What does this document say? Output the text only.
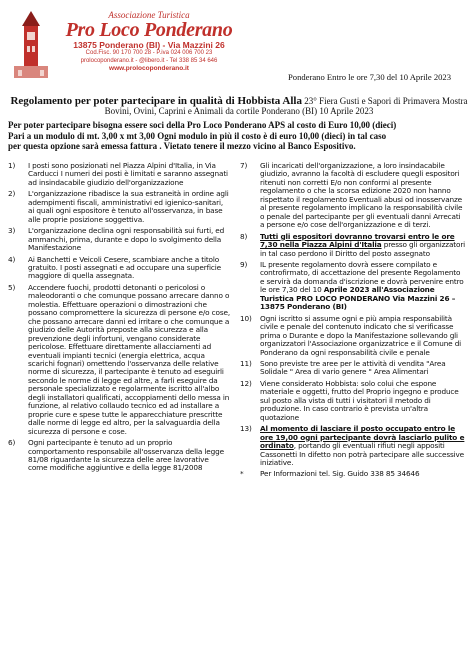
Associazione Turistica
Pro Loco Ponderano
13875 Ponderano (BI) - Via Mazzini 26
Cod.Fisc. 90 170 700 28 - P.iva 024 006 700 23
prolocoponderano.it - @libero.it - Tel 338 85 34 646
www.prolocoponderano.it
Ponderano Entro le ore 7,30 del 10 Aprile 2023
Regolamento per poter partecipare in qualità di Hobbista Alla 23° Fiera Gusti e Sapori di Primavera Mostra Bovini, Ovini, Caprini e Animali da cortile Ponderano (BI) 10 Aprile 2023
Per poter partecipare bisogna essere soci della Pro Loco Ponderano APS al costo di Euro 10,00 (dieci)
Pari a un modulo di mt. 3,00 x mt 3,00 Ogni modulo in più il costo è di euro 10,00 (dieci) in tal caso
per questa opzione sarà emessa fattura . Vietato tenere il mezzo vicino al Banco Espositivo.
1)	I posti sono posizionati nel Piazza Alpini d'Italia, in Via Carducci I numeri dei posti è limitati e saranno assegnati ad insindacabile giudizio dell'organizzazione
2)	L'organizzazione ribadisce la sua estraneità in ordine agli adempimenti fiscali, amministrativi ed igienico-sanitari, ai quali ogni espositore è tenuto all'osservanza, in base alle proprie posizione soggettiva.
3)	L'organizzazione declina ogni responsabilità sui furti, ed ammanchi, prima, durante e dopo lo svolgimento della Manifestazione
4)	Ai Banchetti e Veicoli Cesere, scambiare anche a titolo gratuito. I posti assegnati e ad occupare una superficie maggiore di quella assegnata.
5)	Accendere fuochi, prodotti detonanti o pericolosi o maleodoranti o che comunque possano arrecare danno o molestia. Effettuare operazioni o dimostrazioni che possano compromettere la sicurezza di persone e/o cose, che possano arrecare danni ed irritare o che comunque a giudizio delle Autorità preposte alla sicurezza e alla prevenzione degli infortuni, vengano considerate pericolose. Effettuare direttamente allacciamenti ad eventuali impianti tecnici (energia elettrica, acqua scarichi fognari) omettendo l'osservanza delle relative norme di sicurezza, il partecipante è tenuto ad eseguirli secondo le norme di legge ed altre, a farli eseguire da personale specializzato e regolarmente iscritto all'albo degli installatori qualificati, accoppiamenti dello messa in funzione, al relativo collaudo tecnico ed ad installare a proprie cure e spese tutte le apparecchiature prescritte dalle norme di legge ed altro, per la salvaguardia della sicurezza di persone e cose.
6)	Ogni partecipante è tenuto ad un proprio comportamento responsabile all'osservanza della legge 81/08 riguardante la sicurezza delle aree lavorative come modifiche aggiuntive e della legge 81/2008
7)	Gli incaricati dell'organizzazione, a loro insindacabile giudizio, avranno la facoltà di escludere quegli espositori ritenuti non corretti E/o non conformi al presente regolamento o che la scorsa edizione 2020 non hanno rispettato il regolamento Eventuali abusi od inosservanze al presente regolamento implicano la responsabilità civile o penale del partecipante per gli eventuali danni Arrecati a persone e/o cose dell'organizzazione e di terzi.
8)	Tutti gli espositori dovranno trovarsi entro le ore 7,30 nella Piazza Alpini d'Italia presso gli organizzatori in tal caso perdono il Diritto del posto assegnato
9)	IL presente regolamento dovrà essere compilato e controfirmato, di accettazione del presente Regolamento e servirà da domanda d'iscrizione e dovrà pervenire entro le ore 7,30 del 10 Aprile 2023 all'Associazione Turistica PRO LOCO PONDERANO Via Mazzini 26 – 13875 Ponderano (BI)
10)	Ogni iscritto si assume ogni e più ampia responsabilità civile e penale del contenuto indicato che si verificasse prima o Durante e dopo la Manifestazione sollevando gli organizzatori l'Associazione organizzatrice e il Comune di Ponderano da ogni responsabilità civile e penale
11)	Sono previste tre aree per le attività di vendita "Area Solidale " Area di vario genere " Area Alimentari
12)	Viene considerato Hobbista: solo colui che espone materiale e oggetti, frutto del Proprio ingegno e produce sul posto alla vista di tutti i visitatori il metodo di produzione. In caso contrario è prevista un'altra quotazione
13)	Al momento di lasciare il posto occupato entro le ore 19,00 ogni partecipante dovrà lasciarlo pulito e ordinato, portando gli eventuali rifiuti negli appositi Cassonetti In difetto non potrà partecipare alle successive iniziative.
*	Per Informazioni tel. Sig. Guido 338 85 34646
